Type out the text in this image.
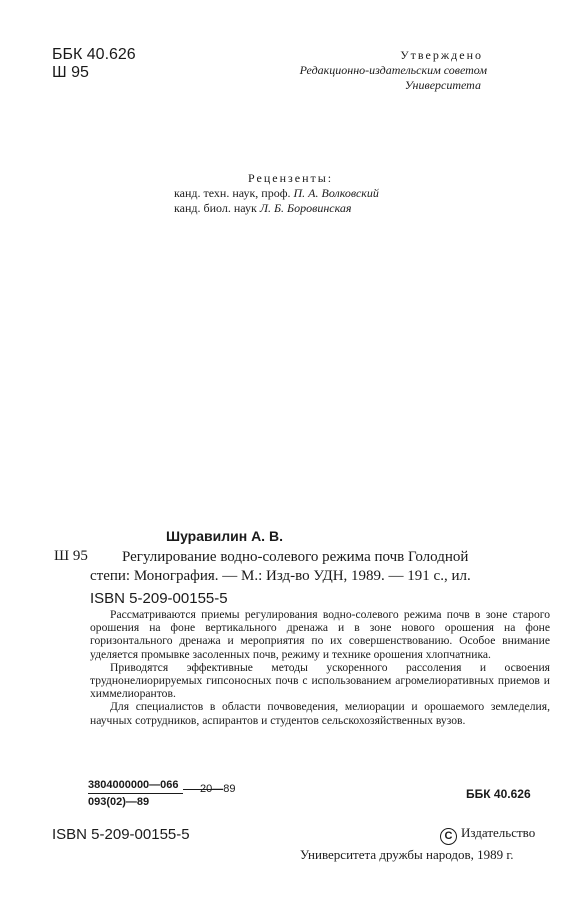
ББК 40.626
Ш 95
Утверждено
Редакционно-издательским советом
Университета
Рецензенты:
канд. техн. наук, проф. П. А. Волковский
канд. биол. наук Л. Б. Боровинская
Шуравилин А. В.
Ш 95 Регулирование водно-солевого режима почв Голодной
степи: Монография. — М.: Изд-во УДН, 1989. — 191 с., ил.
ISBN 5-209-00155-5

Рассматриваются приемы регулирования водно-солевого режима почв в зоне старого орошения на фоне вертикального дренажа и в зоне нового орошения на фоне горизонтального дренажа и мероприятия по их совершенствованию. Особое внимание уделяется промывке засоленных почв, режиму и технике орошения хлопчатника.

Приводятся эффективные методы ускоренного рассоления и освоения труднонелиорируемых гипсоносных почв с использованием агромелиоративных приемов и химмелиорантов.

Для специалистов в области почвоведения, мелиорации и орошаемого земледелия, научных сотрудников, аспирантов и студентов сельскохозяйственных вузов.

3804000000—066 20—89
093(02)—89
ББК 40.626
ISBN 5-209-00155-5	C Издательство
Университета дружбы народов, 1989 г.
